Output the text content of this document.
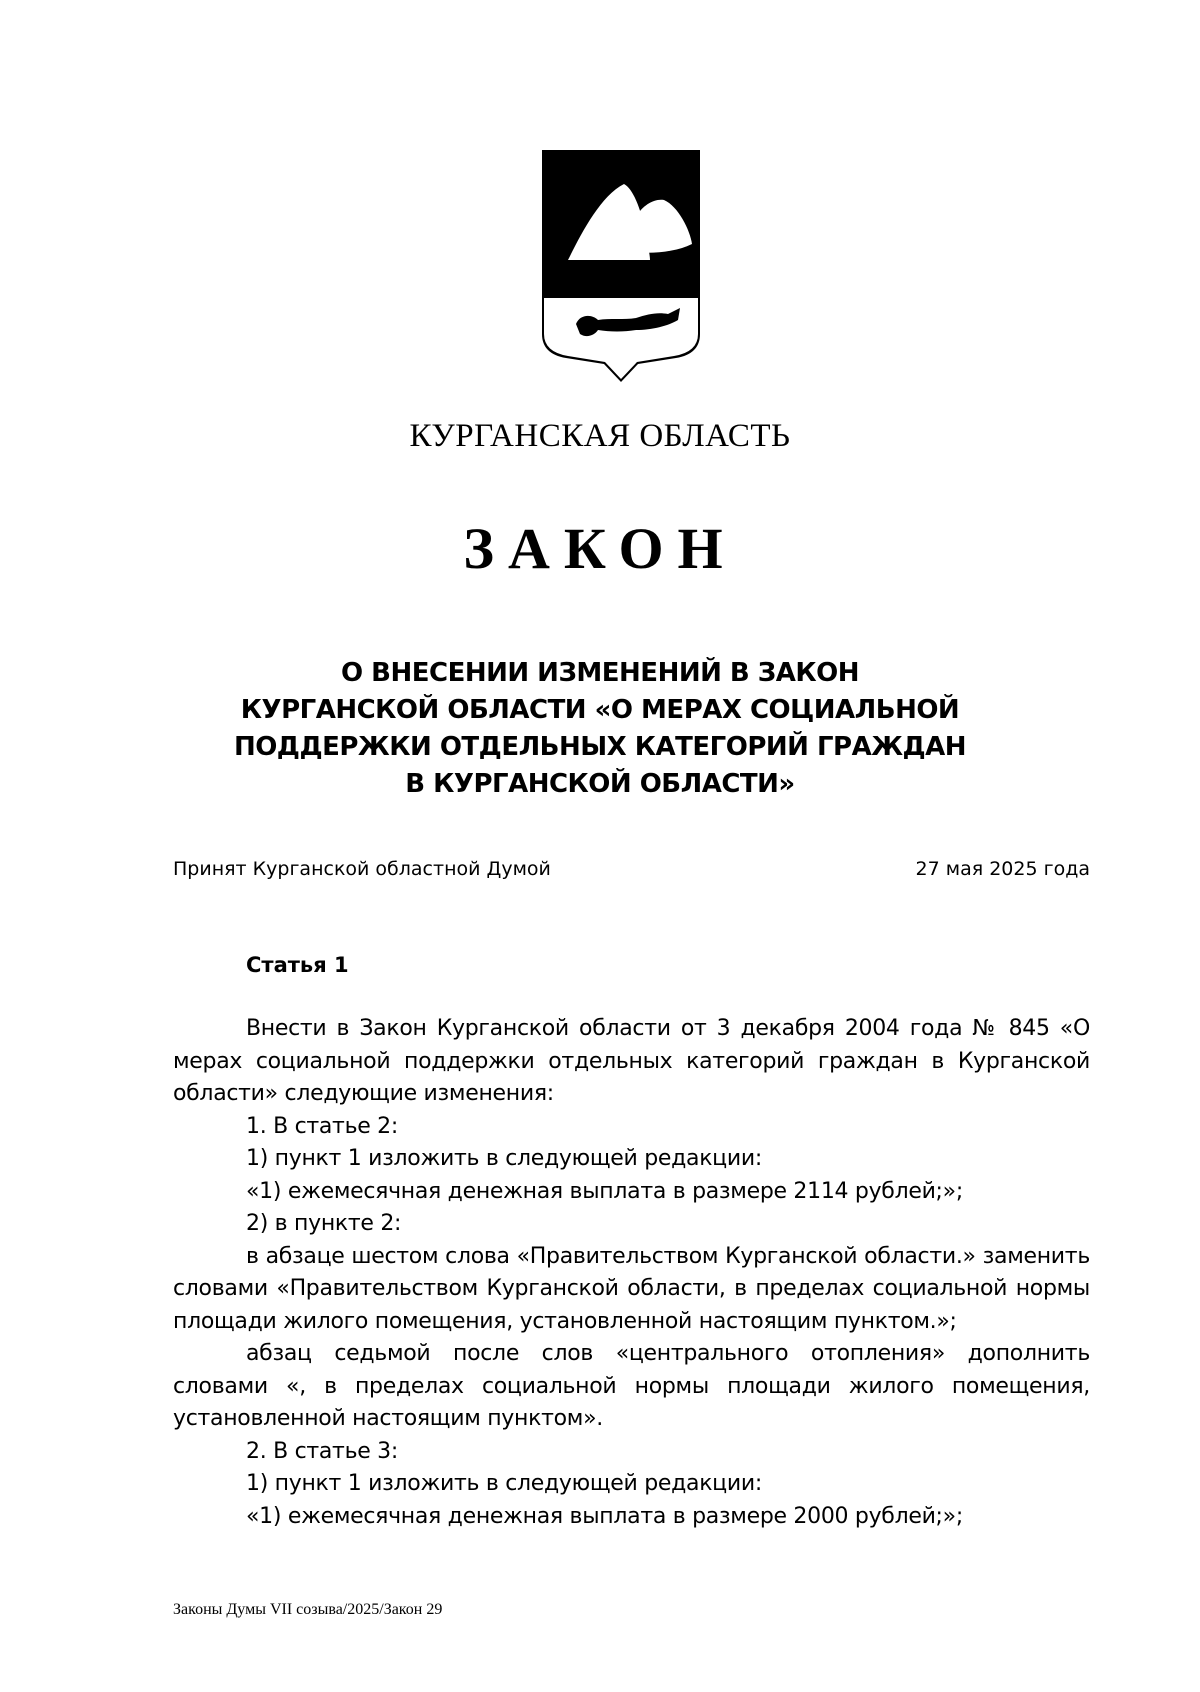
КУРГАНСКАЯ ОБЛАСТЬ
ЗАКОН
О ВНЕСЕНИИ ИЗМЕНЕНИЙ В ЗАКОН
КУРГАНСКОЙ ОБЛАСТИ «О МЕРАХ СОЦИАЛЬНОЙ
ПОДДЕРЖКИ ОТДЕЛЬНЫХ КАТЕГОРИЙ ГРАЖДАН
В КУРГАНСКОЙ ОБЛАСТИ»
Принят Курганской областной Думой	27 мая 2025 года
Статья 1
Внести в Закон Курганской области от 3 декабря 2004 года № 845 «О мерах социальной поддержки отдельных категорий граждан в Курганской области» следующие изменения:
1. В статье 2:
1) пункт 1 изложить в следующей редакции:
«1) ежемесячная денежная выплата в размере 2114 рублей;»;
2) в пункте 2:
в абзаце шестом слова «Правительством Курганской области.» заменить словами «Правительством Курганской области, в пределах социальной нормы площади жилого помещения, установленной настоящим пунктом.»;
абзац седьмой после слов «центрального отопления» дополнить словами «, в пределах социальной нормы площади жилого помещения, установленной настоящим пунктом».
2. В статье 3:
1) пункт 1 изложить в следующей редакции:
«1) ежемесячная денежная выплата в размере 2000 рублей;»;
Законы Думы VII созыва/2025/Закон 29
